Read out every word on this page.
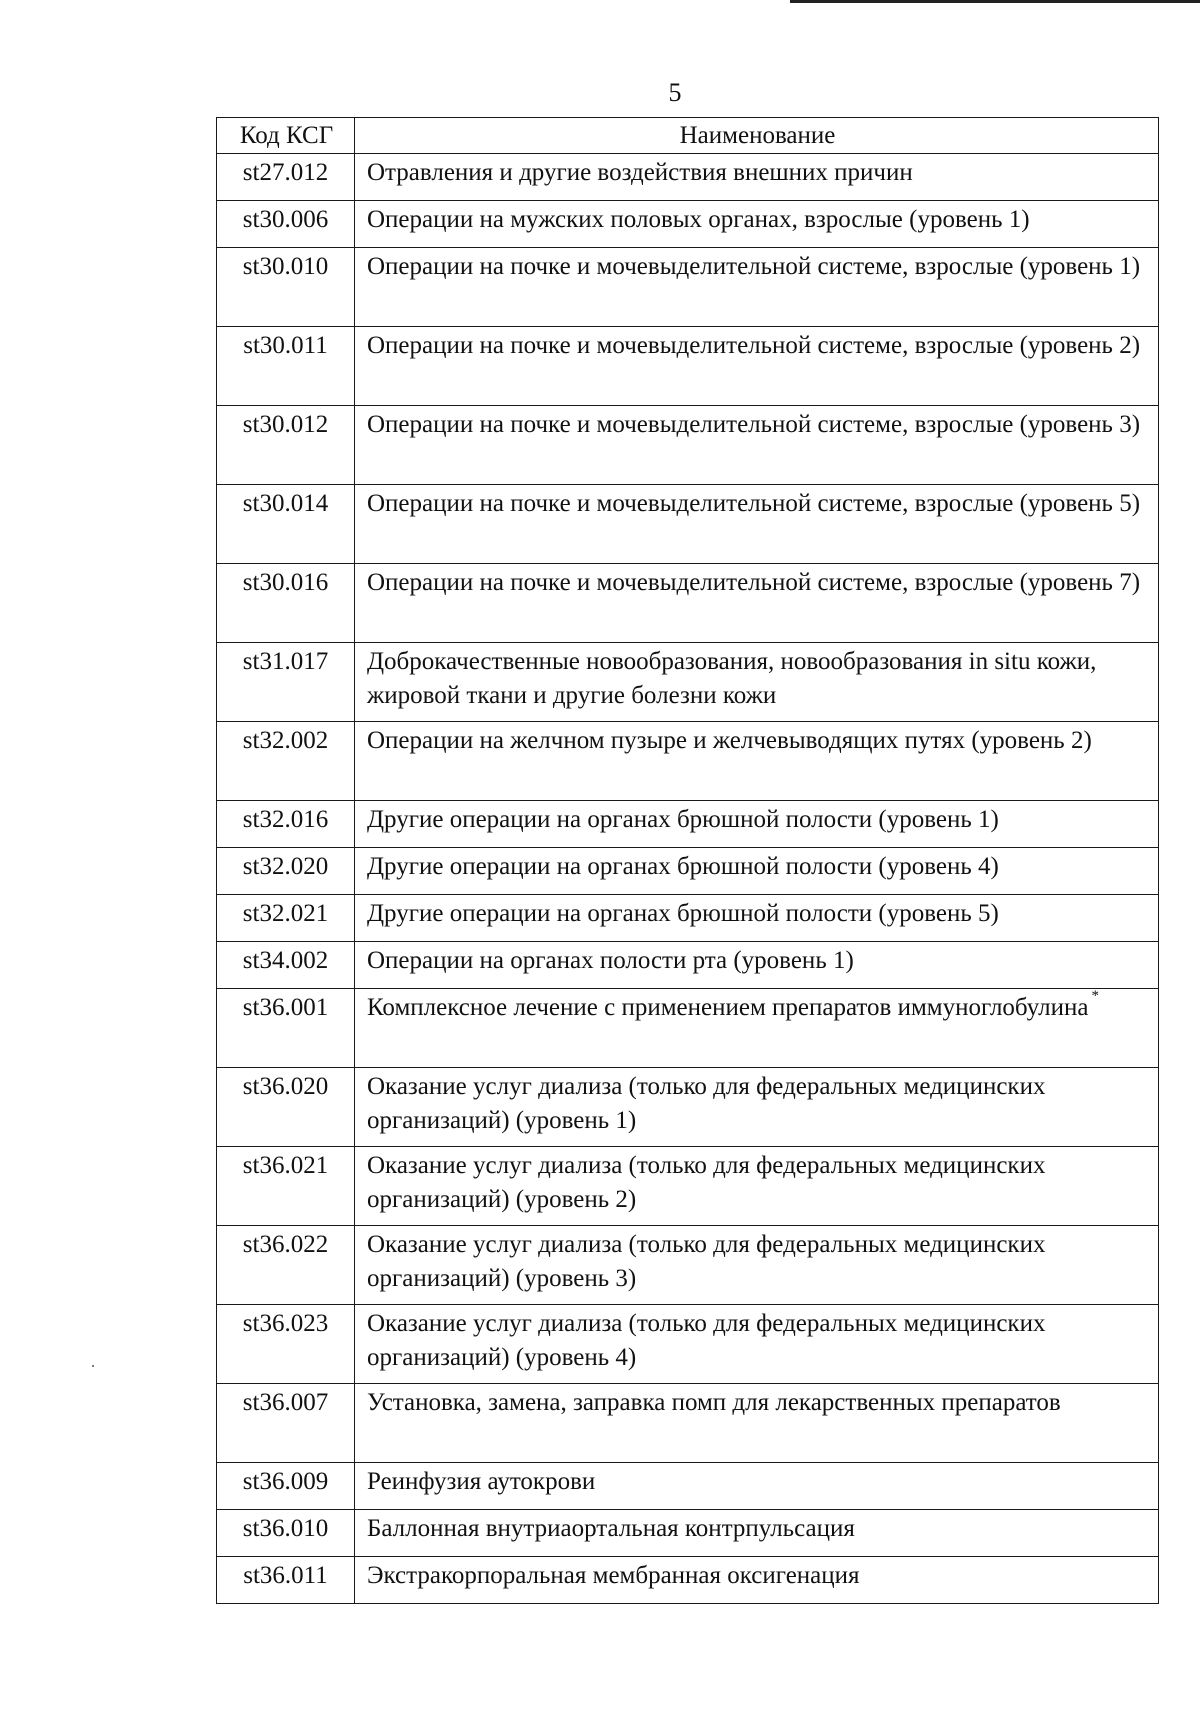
5
Код КСГ	Наименование
st27.012	Отравления и другие воздействия внешних причин
st30.006	Операции на мужских половых органах, взрослые (уровень 1)
st30.010	Операции на почке и мочевыделительной системе, взрослые (уровень 1)
st30.011	Операции на почке и мочевыделительной системе, взрослые (уровень 2)
st30.012	Операции на почке и мочевыделительной системе, взрослые (уровень 3)
st30.014	Операции на почке и мочевыделительной системе, взрослые (уровень 5)
st30.016	Операции на почке и мочевыделительной системе, взрослые (уровень 7)
st31.017	Доброкачественные новообразования, новообразования in situ кожи, жировой ткани и другие болезни кожи
st32.002	Операции на желчном пузыре и желчевыводящих путях (уровень 2)
st32.016	Другие операции на органах брюшной полости (уровень 1)
st32.020	Другие операции на органах брюшной полости (уровень 4)
st32.021	Другие операции на органах брюшной полости (уровень 5)
st34.002	Операции на органах полости рта (уровень 1)
st36.001	Комплексное лечение с применением препаратов иммуноглобулина *
st36.020	Оказание услуг диализа (только для федеральных медицинских организаций) (уровень 1)
st36.021	Оказание услуг диализа (только для федеральных медицинских организаций) (уровень 2)
st36.022	Оказание услуг диализа (только для федеральных медицинских организаций) (уровень 3)
st36.023	Оказание услуг диализа (только для федеральных медицинских организаций) (уровень 4)
st36.007	Установка, замена, заправка помп для лекарственных препаратов
st36.009	Реинфузия аутокрови
st36.010	Баллонная внутриаортальная контрпульсация
st36.011	Экстракорпоральная мембранная оксигенация
